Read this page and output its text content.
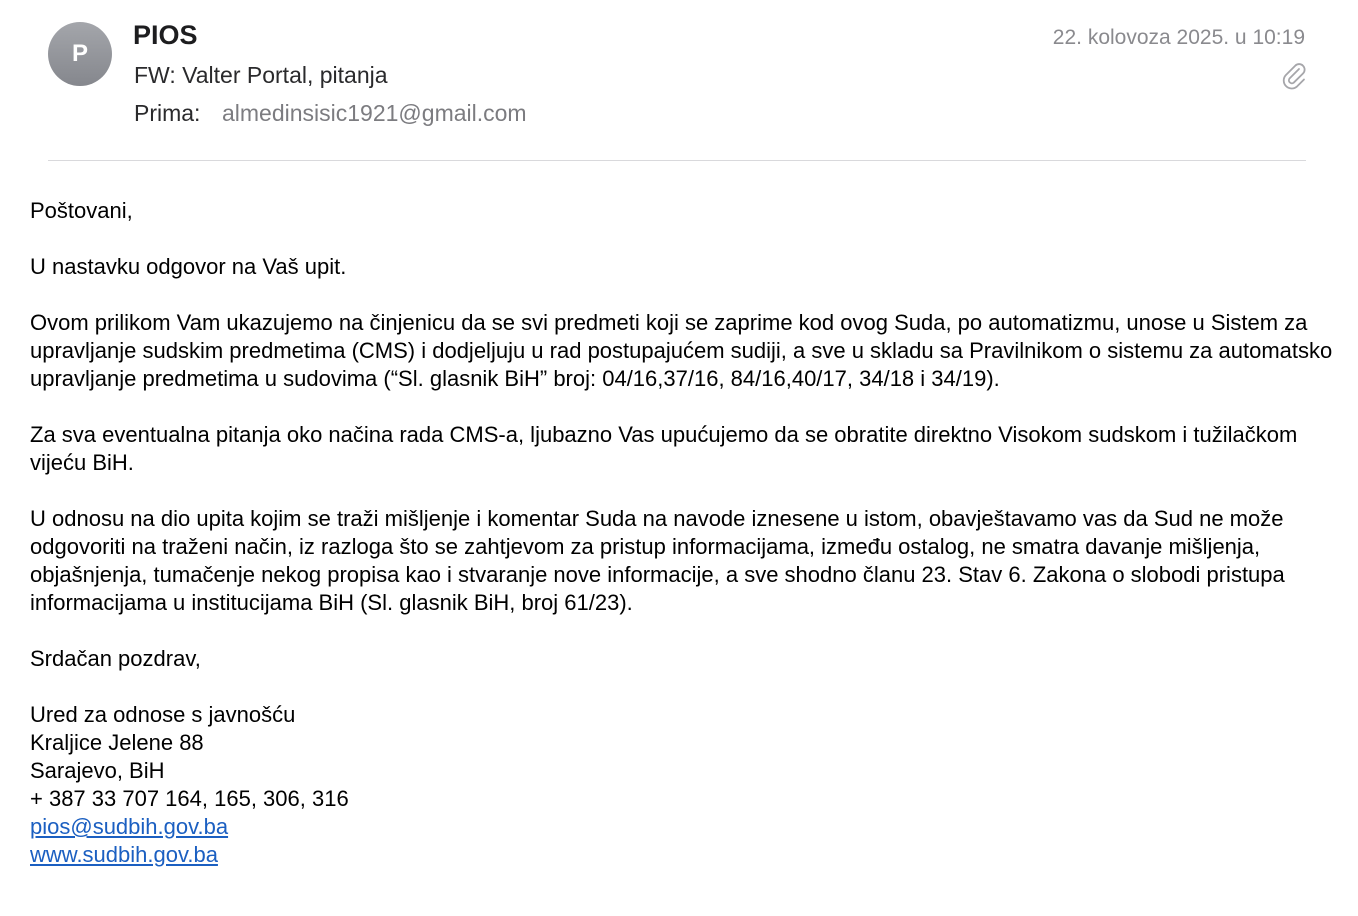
P
PIOS
FW: Valter Portal, pitanja
Prima: almedinsisic1921@gmail.com
22. kolovoza 2025. u 10:19

Poštovani,

U nastavku odgovor na Vaš upit.

Ovom prilikom Vam ukazujemo na činjenicu da se svi predmeti koji se zaprime kod ovog Suda, po automatizmu, unose u Sistem za upravljanje sudskim predmetima (CMS) i dodjeljuju u rad postupajućem sudiji, a sve u skladu sa Pravilnikom o sistemu za automatsko upravljanje predmetima u sudovima (“Sl. glasnik BiH” broj: 04/16,37/16, 84/16,40/17, 34/18 i 34/19).

Za sva eventualna pitanja oko načina rada CMS-a, ljubazno Vas upućujemo da se obratite direktno Visokom sudskom i tužilačkom vijeću BiH.

U odnosu na dio upita kojim se traži mišljenje i komentar Suda na navode iznesene u istom, obavještavamo vas da Sud ne može odgovoriti na traženi način, iz razloga što se zahtjevom za pristup informacijama, između ostalog, ne smatra davanje mišljenja, objašnjenja, tumačenje nekog propisa kao i stvaranje nove informacije, a sve shodno članu 23. Stav 6. Zakona o slobodi pristupa informacijama u institucijama BiH (Sl. glasnik BiH, broj 61/23).

Srdačan pozdrav,

Ured za odnose s javnošću
Kraljice Jelene 88
Sarajevo, BiH
+ 387 33 707 164, 165, 306, 316
pios@sudbih.gov.ba
www.sudbih.gov.ba
